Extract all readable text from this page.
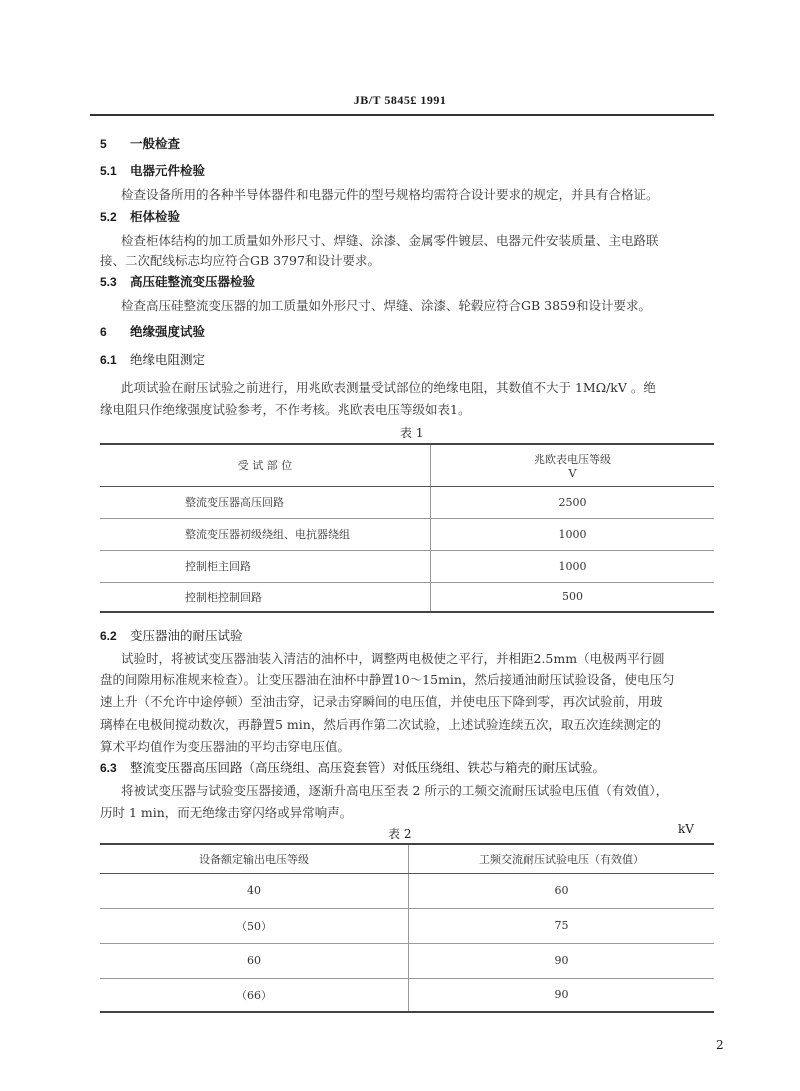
JB/T 5845£ 1991
5 一般检查
5.1 电器元件检验
检查设备所用的各种半导体器件和电器元件的型号规格均需符合设计要求的规定，并具有合格证。
5.2 柜体检验
检查柜体结构的加工质量如外形尺寸、焊缝、涂漆、金属零件镀层、电器元件安装质量、主电路联
接、二次配线标志均应符合GB 3797和设计要求。
5.3 高压硅整流变压器检验
检查高压硅整流变压器的加工质量如外形尺寸、焊缝、涂漆、轮毂应符合GB 3859和设计要求。
6 绝缘强度试验
6.1 绝缘电阻测定
此项试验在耐压试验之前进行，用兆欧表测量受试部位的绝缘电阻，其数值不大于 1MΩ/kV 。绝
缘电阻只作绝缘强度试验参考，不作考核。兆欧表电压等级如表1。
表 1
受 试 部 位	兆欧表电压等级
V

整流变压器高压回路	2500
整流变压器初级绕组、电抗器绕组	1000
控制柜主回路	1000
控制柜控制回路	500
6.2 变压器油的耐压试验
试验时，将被试变压器油装入清洁的油杯中，调整两电极使之平行，并相距2.5mm（电极两平行圆
盘的间隙用标准规来检查）。让变压器油在油杯中静置10～15min，然后接通油耐压试验设备，使电压匀
速上升（不允许中途停顿）至油击穿，记录击穿瞬间的电压值，并使电压下降到零，再次试验前，用玻
璃棒在电极间搅动数次，再静置5 min，然后再作第二次试验，上述试验连续五次，取五次连续测定的
算术平均值作为变压器油的平均击穿电压值。
6.3 整流变压器高压回路（高压绕组、高压瓷套管）对低压绕组、铁芯与箱壳的耐压试验。
将被试变压器与试验变压器接通，逐渐升高电压至表 2 所示的工频交流耐压试验电压值（有效值），
历时 1 min，而无绝缘击穿闪络或异常响声。
表 2	kV
设备额定输出电压等级	工频交流耐压试验电压（有效值）
40	60
（50）	75
60	90
（66）	90
2
